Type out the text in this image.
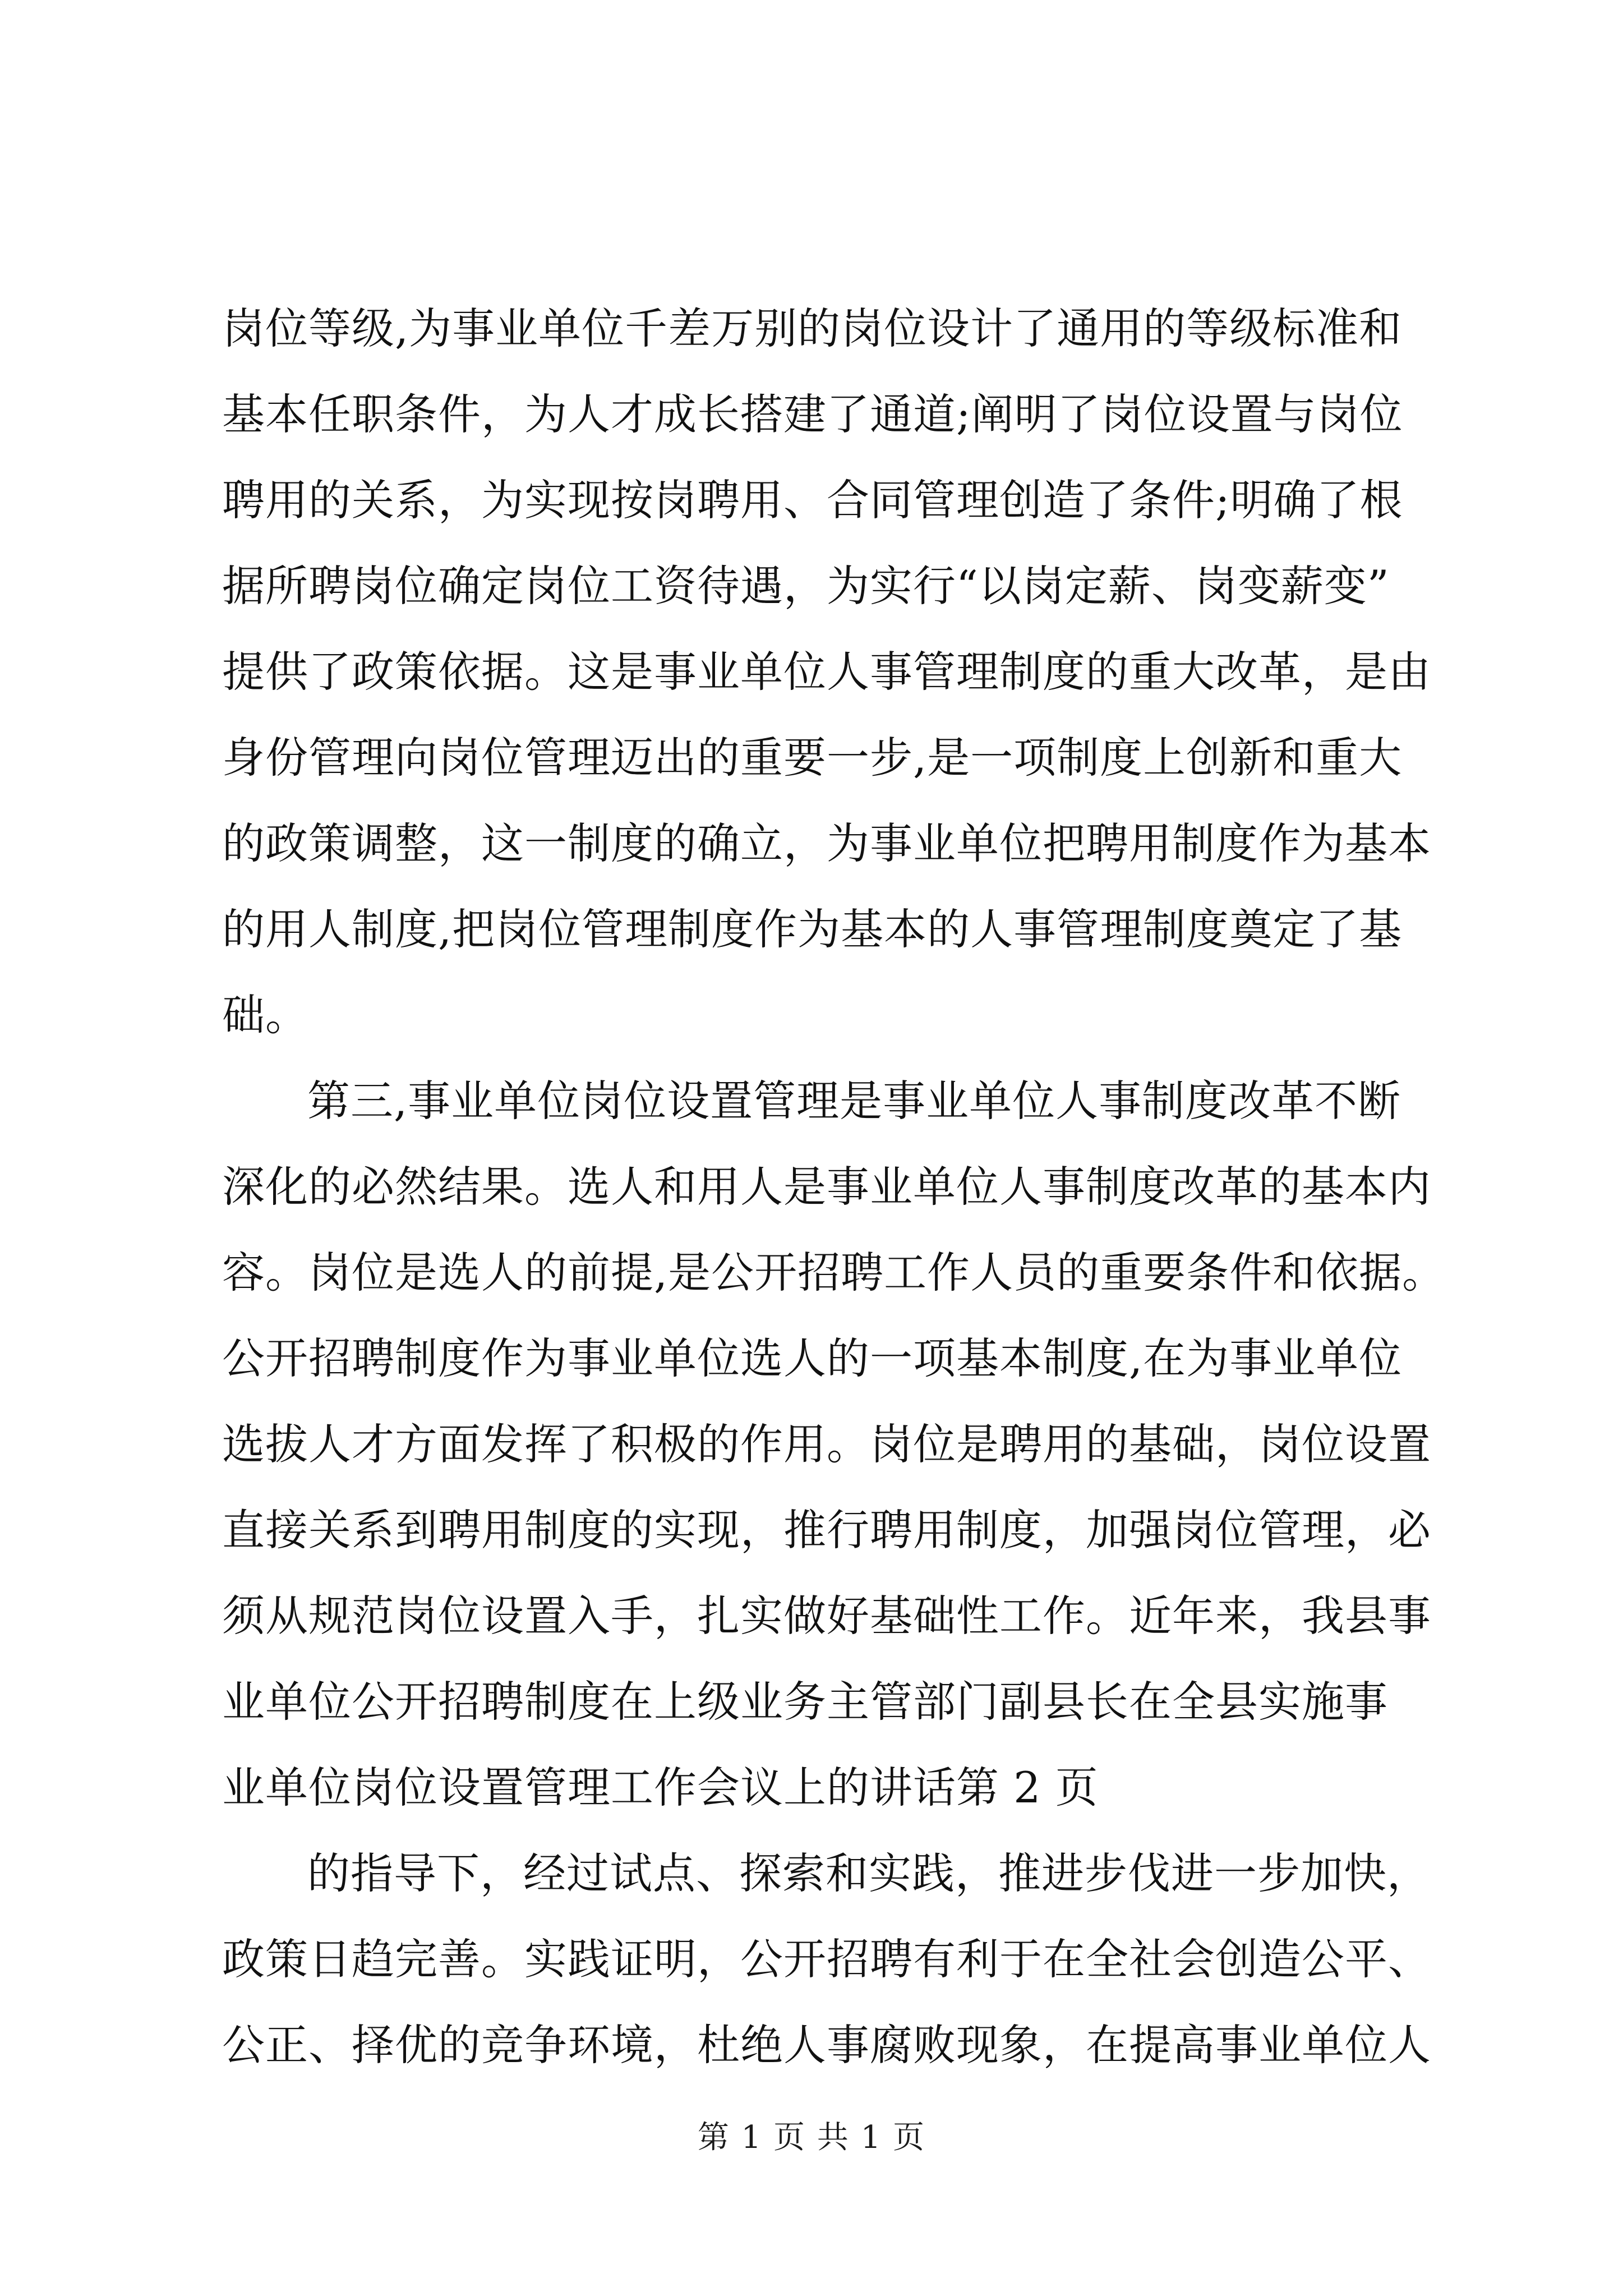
岗位等级,为事业单位千差万别的岗位设计了通用的等级标准和
基本任职条件，为人才成长搭建了通道;阐明了岗位设置与岗位
聘用的关系，为实现按岗聘用、合同管理创造了条件;明确了根
据所聘岗位确定岗位工资待遇，为实行“以岗定薪、岗变薪变”
提供了政策依据。这是事业单位人事管理制度的重大改革，是由
身份管理向岗位管理迈出的重要一步,是一项制度上创新和重大
的政策调整，这一制度的确立，为事业单位把聘用制度作为基本
的用人制度,把岗位管理制度作为基本的人事管理制度奠定了基
础。
第三,事业单位岗位设置管理是事业单位人事制度改革不断
深化的必然结果。选人和用人是事业单位人事制度改革的基本内
容。岗位是选人的前提,是公开招聘工作人员的重要条件和依据。
公开招聘制度作为事业单位选人的一项基本制度,在为事业单位
选拔人才方面发挥了积极的作用。岗位是聘用的基础，岗位设置
直接关系到聘用制度的实现，推行聘用制度，加强岗位管理，必
须从规范岗位设置入手，扎实做好基础性工作。近年来，我县事
业单位公开招聘制度在上级业务主管部门副县长在全县实施事
业单位岗位设置管理工作会议上的讲话第 2 页
的指导下，经过试点、探索和实践，推进步伐进一步加快，
政策日趋完善。实践证明，公开招聘有利于在全社会创造公平、
公正、择优的竞争环境，杜绝人事腐败现象，在提高事业单位人
第 1 页 共 1 页
